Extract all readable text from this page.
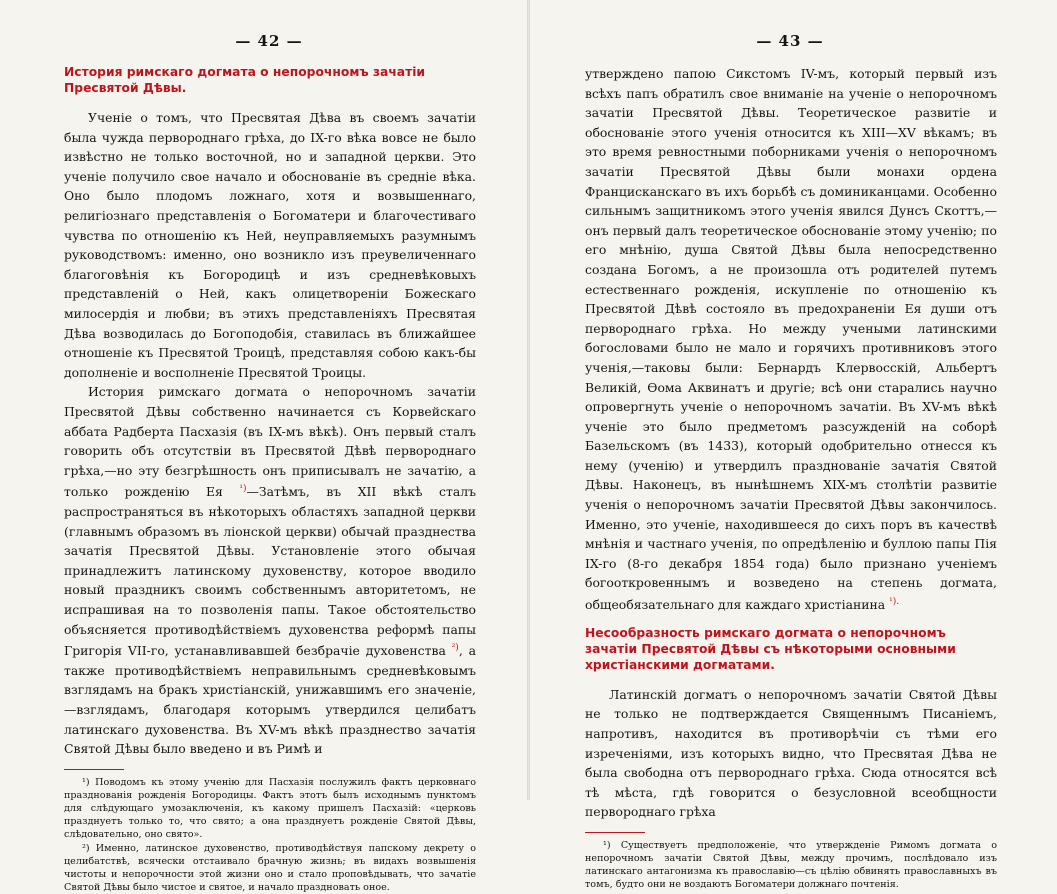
— 42 —
История римскаго догмата о непорочномъ зачатіи Пресвятой Дѣвы.

Ученіе о томъ, что Пресвятая Дѣва въ своемъ зачатіи была чужда первороднаго грѣха, до IX-го вѣка вовсе не было извѣстно не только восточной, но и западной церкви. Это ученіе получило свое начало и обоснованіе въ средніе вѣка. Оно было плодомъ ложнаго, хотя и возвышеннаго, религіознаго представленія о Богоматери и благочестиваго чувства по отношенію къ Ней, неуправляемыхъ разумнымъ руководствомъ: именно, оно возникло изъ преувеличеннаго благоговѣнія къ Богородицѣ и изъ средневѣковыхъ представленій о Ней, какъ олицетвореніи Божескаго милосердія и любви; въ этихъ представленіяхъ Пресвятая Дѣва возводилась до Богоподобія, ставилась въ ближайшее отношеніе къ Пресвятой Троицѣ, представляя собою какъ-бы дополненіе и восполненіе Пресвятой Троицы.

История римскаго догмата о непорочномъ зачатіи Пресвятой Дѣвы собственно начинается съ Корвейскаго аббата Радберта Пасхазія (въ IX-мъ вѣкѣ). Онъ первый сталъ говорить объ отсутствіи въ Пресвятой Дѣвѣ первороднаго грѣха,—но эту безгрѣшность онъ приписывалъ не зачатію, а только рожденію Ея $^{^1)}$—Затѣмъ, въ XII вѣкѣ сталъ распространяться въ нѣкоторыхъ областяхъ западной церкви (главнымъ образомъ въ ліонской церкви) обычай празднества зачатія Пресвятой Дѣвы. Установленіе этого обычая принадлежитъ латинскому духовенству, которое вводило новый праздникъ своимъ собственнымъ авторитетомъ, не испрашивая на то позволенія папы. Такое обстоятельство объясняется противодѣйствіемъ духовенства реформѣ папы Григорія VII-го, устанавливавшей безбрачіе духовенства $^{^2)}$, а также противодѣйствіемъ неправильнымъ средневѣковымъ взглядамъ на бракъ христіанскій, унижавшимъ его значеніе,—взглядамъ, благодаря которымъ утвердился целибатъ латинскаго духовенства. Въ XV-мъ вѣкѣ празднество зачатія Святой Дѣвы было введено и въ Римѣ и

¹) Поводомъ къ этому ученію для Пасхазія послужилъ фактъ церковнаго празднованія рожденія Богородицы. Фактъ этотъ былъ исходнымъ пунктомъ для слѣдующаго умозаключенія, къ какому пришелъ Пасхазій: «церковь празднуетъ только то, что свято; а она празднуетъ рожденіе Святой Дѣвы, слѣдовательно, оно свято».

²) Именно, латинское духовенство, противодѣйствуя папскому декрету о целибатствѣ, всячески отстаивало брачную жизнь; въ видахъ возвышенія чистоты и непорочности этой жизни оно и стало проповѣдывать, что зачатіе Святой Дѣвы было чистое и святое, и начало праздновать оное.

— 43 —

утверждено папою Сикстомъ IV-мъ, который первый изъ всѣхъ папъ обратилъ свое вниманіе на ученіе о непорочномъ зачатіи Пресвятой Дѣвы. Теоретическое развитіе и обоснованіе этого ученія относится къ XIII—XV вѣкамъ; въ это время ревностными поборниками ученія о непорочномъ зачатіи Пресвятой Дѣвы были монахи ордена Францисканскаго въ ихъ борьбѣ съ доминиканцами. Особенно сильнымъ защитникомъ этого ученія явился Дунсъ Скоттъ,—онъ первый далъ теоретическое обоснованіе этому ученію; по его мнѣнію, душа Святой Дѣвы была непосредственно создана Богомъ, а не произошла отъ родителей путемъ естественнаго рожденія, искупленіе по отношенію къ Пресвятой Дѣвѣ состояло въ предохраненіи Ея души отъ первороднаго грѣха. Но между учеными латинскими богословами было не мало и горячихъ противниковъ этого ученія,—таковы были: Бернардъ Клервосскій, Альбертъ Великій, Ѳома Аквинатъ и другіе; всѣ они старались научно опровергнуть ученіе о непорочномъ зачатіи. Въ XV-мъ вѣкѣ ученіе это было предметомъ разсужденій на соборѣ Базельскомъ (въ 1433), который одобрительно отнесся къ нему (ученію) и утвердилъ празднованіе зачатія Святой Дѣвы. Наконецъ, въ нынѣшнемъ XIX-мъ столѣтіи развитіе ученія о непорочномъ зачатіи Пресвятой Дѣвы закончилось. Именно, это ученіе, находившееся до сихъ поръ въ качествѣ мнѣнія и частнаго ученія, по опредѣленію и буллою папы Пія IX-го (8-го декабря 1854 года) было признано ученіемъ богооткровеннымъ и возведено на степень догмата, общеобязательнаго для каждаго христіанина $^{^1).}$

Несообразность римскаго догмата о непорочномъ зачатіи Пресвятой Дѣвы съ нѣкоторыми основными христіанскими догматами.

Латинскій догматъ о непорочномъ зачатіи Святой Дѣвы не только не подтверждается Священнымъ Писаніемъ, напротивъ, находится въ противорѣчіи съ тѣми его изреченіями, изъ которыхъ видно, что Пресвятая Дѣва не была свободна отъ первороднаго грѣха. Сюда относятся всѣ тѣ мѣста, гдѣ говорится о безусловной всеобщности первороднаго грѣха

¹) Существуетъ предположеніе, что утвержденіе Римомъ догмата о непорочномъ зачатіи Святой Дѣвы, между прочимъ, послѣдовало изъ латинскаго антагонизма къ православію—съ цѣлію обвинять православныхъ въ томъ, будто они не воздаютъ Богоматери должнаго почтенія.
